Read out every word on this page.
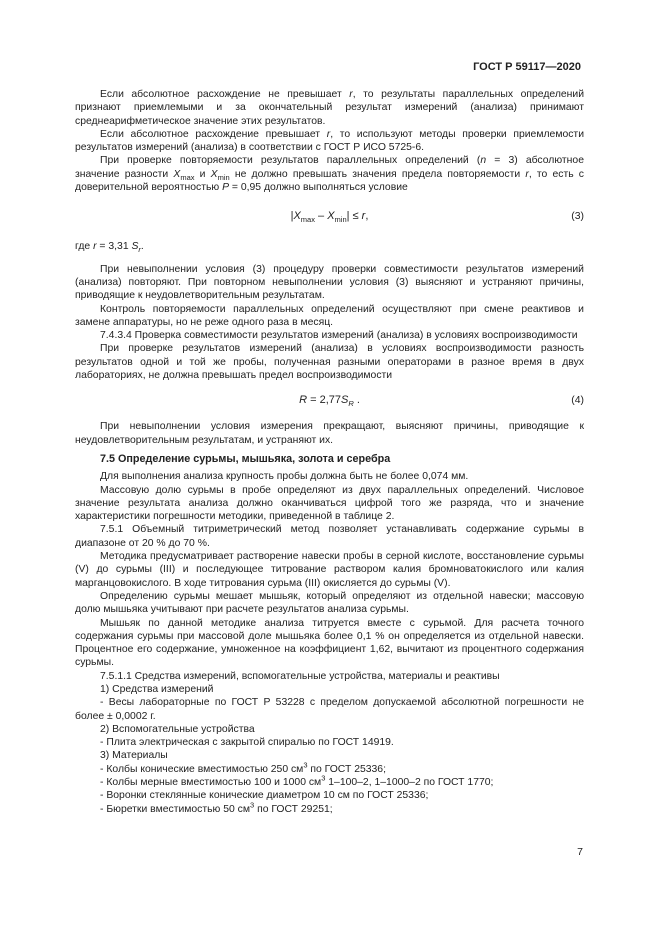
ГОСТ Р 59117—2020

Если абсолютное расхождение не превышает r, то результаты параллельных определений признают приемлемыми и за окончательный результат измерений (анализа) принимают среднеарифметическое значение этих результатов.

Если абсолютное расхождение превышает r, то используют методы проверки приемлемости результатов измерений (анализа) в соответствии с ГОСТ Р ИСО 5725-6.

При проверке повторяемости результатов параллельных определений (n = 3) абсолютное значение разности $X_{max}$ и $X_{min}$ не должно превышать значения предела повторяемости r, то есть с доверительной вероятностью P = 0,95 должно выполняться условие

$|X_{max} - X_{min}| \le r$,	(3)

где r = 3,31 $S_r$.

При невыполнении условия (3) процедуру проверки совместимости результатов измерений (анализа) повторяют. При повторном невыполнении условия (3) выясняют и устраняют причины, приводящие к неудовлетворительным результатам.

Контроль повторяемости параллельных определений осуществляют при смене реактивов и замене аппаратуры, но не реже одного раза в месяц.

7.4.3.4 Проверка совместимости результатов измерений (анализа) в условиях воспроизводимости

При проверке результатов измерений (анализа) в условиях воспроизводимости разность результатов одной и той же пробы, полученная разными операторами в разное время в двух лабораториях, не должна превышать предел воспроизводимости

$R = 2,77S_R$ .	(4)

При невыполнении условия измерения прекращают, выясняют причины, приводящие к неудовлетворительным результатам, и устраняют их.

7.5 Определение сурьмы, мышьяка, золота и серебра

Для выполнения анализа крупность пробы должна быть не более 0,074 мм.

Массовую долю сурьмы в пробе определяют из двух параллельных определений. Числовое значение результата анализа должно оканчиваться цифрой того же разряда, что и значение характеристики погрешности методики, приведенной в таблице 2.

7.5.1 Объемный титриметрический метод позволяет устанавливать содержание сурьмы в диапазоне от 20 % до 70 %.

Методика предусматривает растворение навески пробы в серной кислоте, восстановление сурьмы (V) до сурьмы (III) и последующее титрование раствором калия бромноватокислого или калия марганцовокислого. В ходе титрования сурьма (III) окисляется до сурьмы (V).

Определению сурьмы мешает мышьяк, который определяют из отдельной навески; массовую долю мышьяка учитывают при расчете результатов анализа сурьмы.

Мышьяк по данной методике анализа титруется вместе с сурьмой. Для расчета точного содержания сурьмы при массовой доле мышьяка более 0,1 % он определяется из отдельной навески. Процентное его содержание, умноженное на коэффициент 1,62, вычитают из процентного содержания сурьмы.

7.5.1.1 Средства измерений, вспомогательные устройства, материалы и реактивы

1) Средства измерений

- Весы лабораторные по ГОСТ Р 53228 с пределом допускаемой абсолютной погрешности не более ± 0,0002 г.

2) Вспомогательные устройства

- Плита электрическая с закрытой спиралью по ГОСТ 14919.

3) Материалы

- Колбы конические вместимостью 250 $см^3$ по ГОСТ 25336;

- Колбы мерные вместимостью 100 и 1000 $см^3$ 1–100–2, 1–1000–2 по ГОСТ 1770;

- Воронки стеклянные конические диаметром 10 см по ГОСТ 25336;

- Бюретки вместимостью 50 $см^3$ по ГОСТ 29251;

7
